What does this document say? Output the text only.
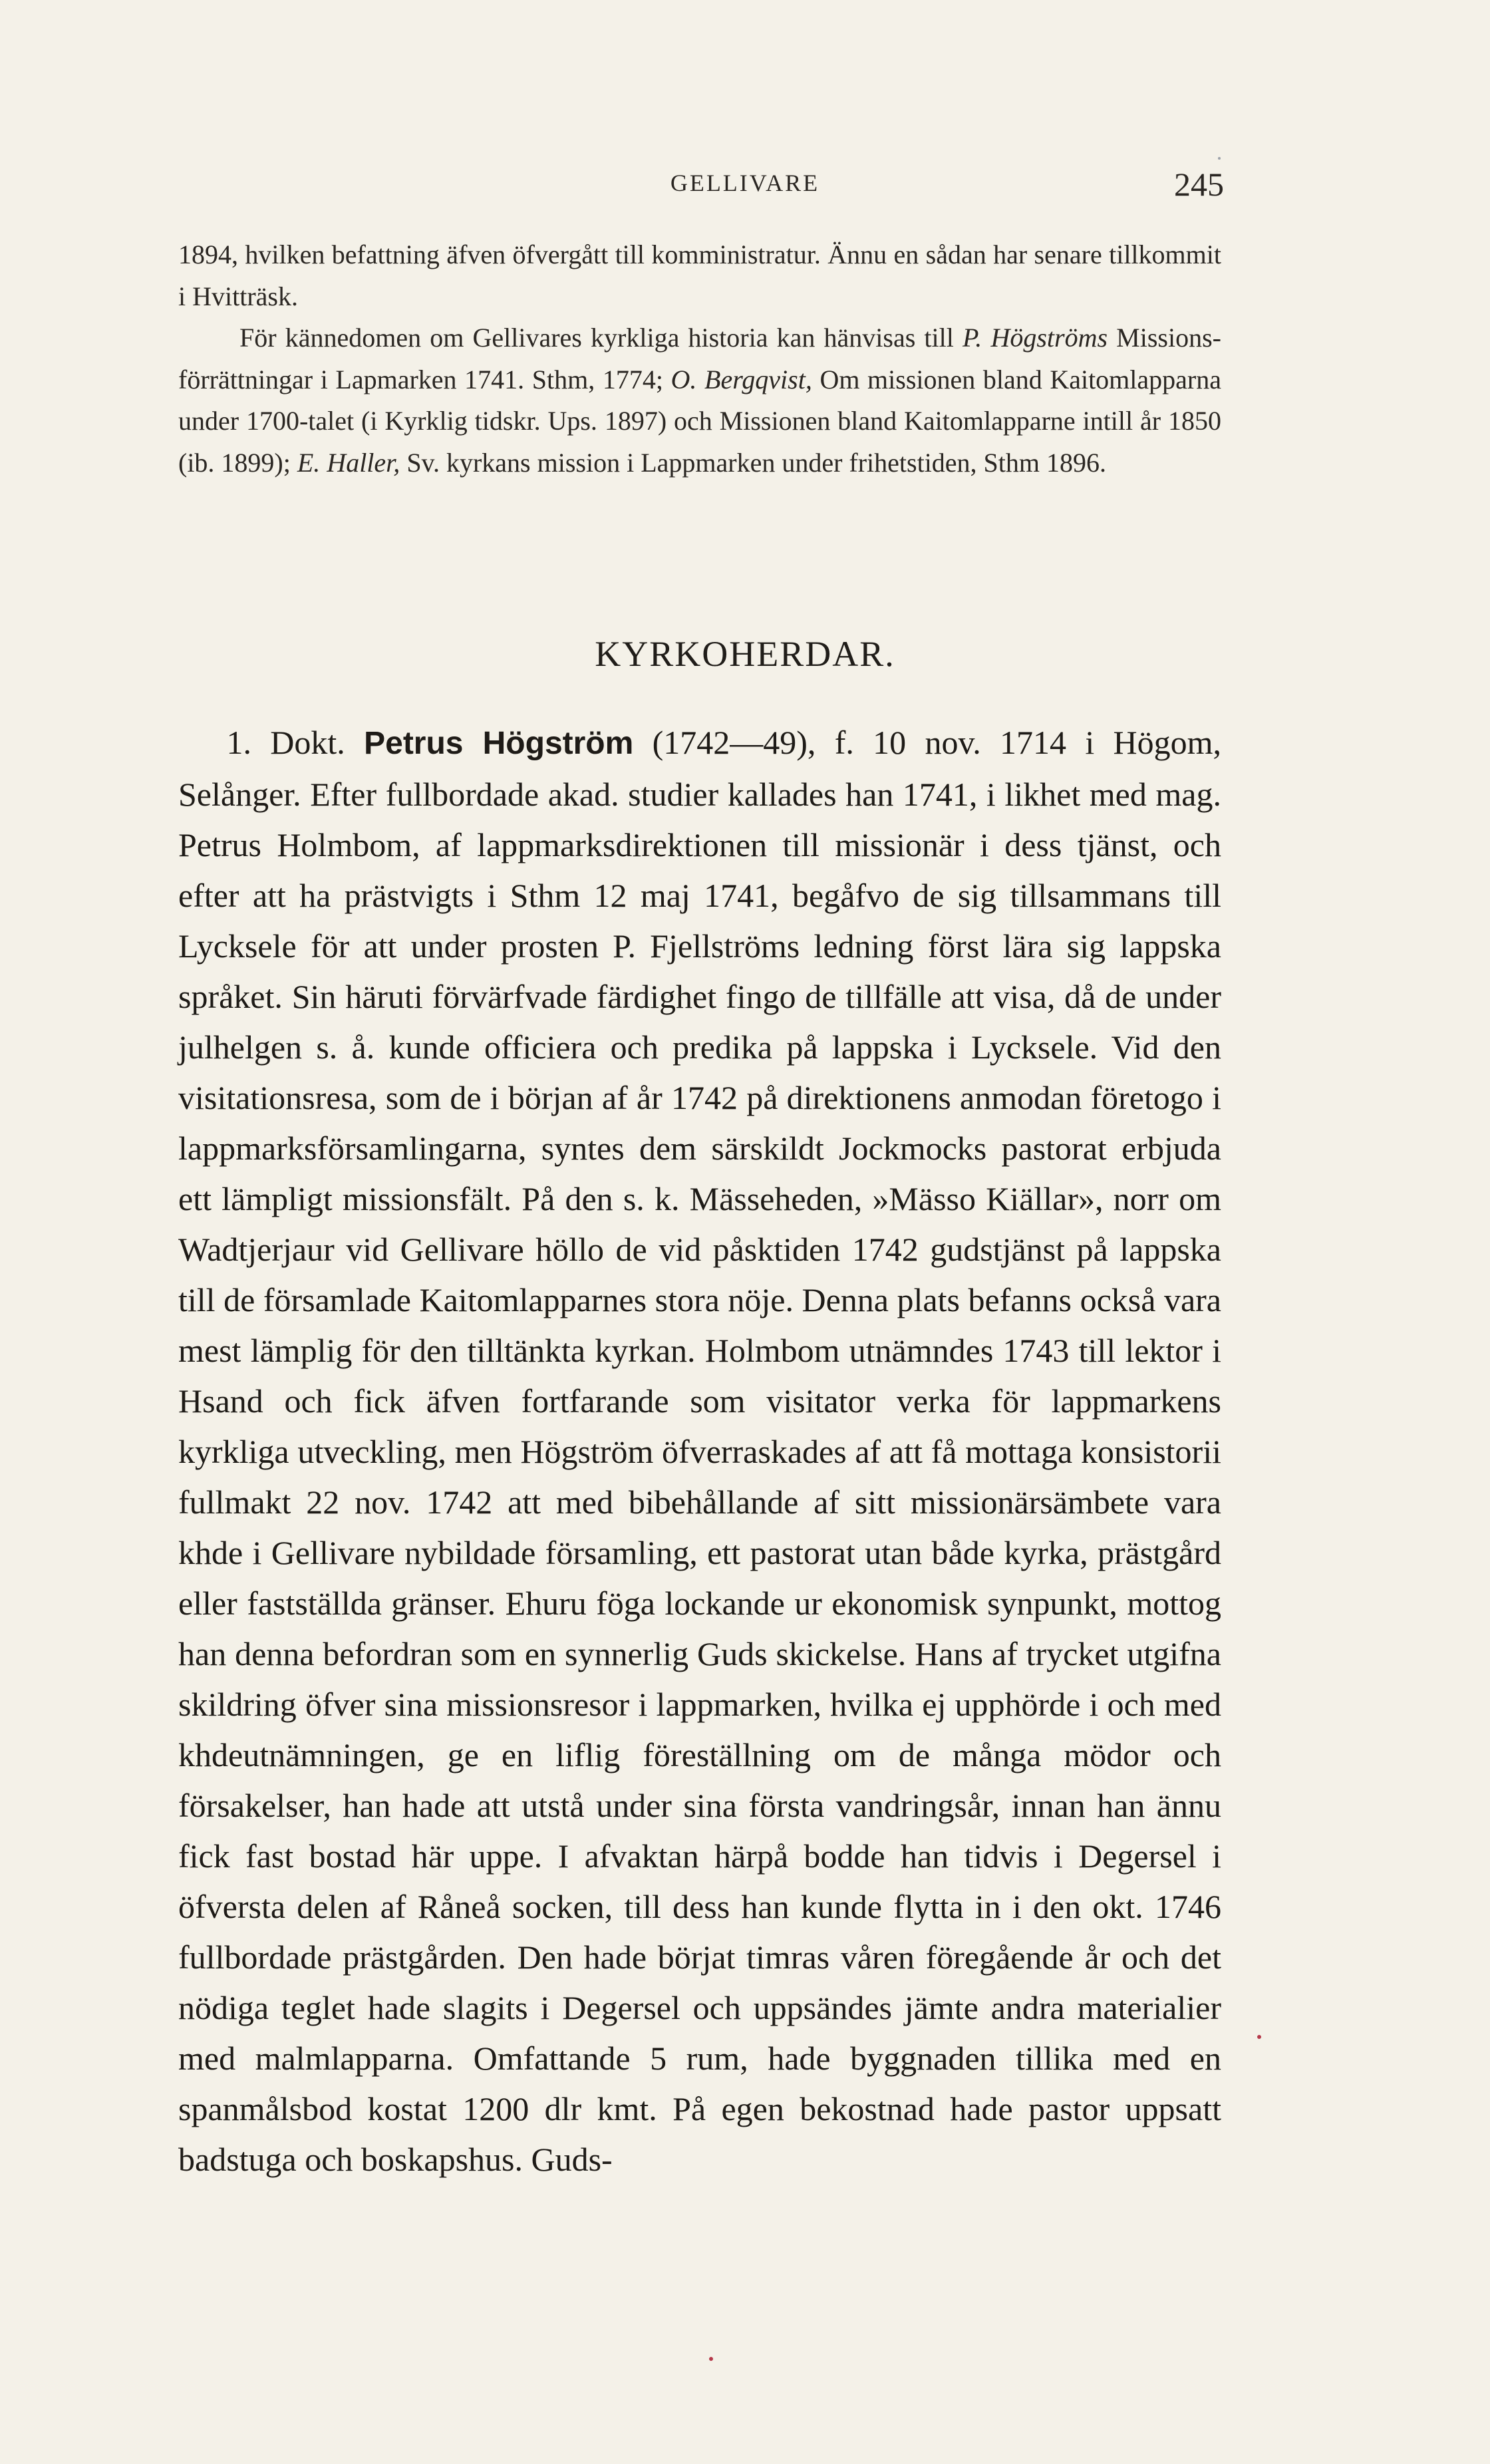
GELLIVARE	245

1894, hvilken befattning äfven öfvergått till komministratur. Ännu en sådan har senare tillkommit i Hvitträsk.

För kännedomen om Gellivares kyrkliga historia kan hänvisas till P. Högströms Missions-förrättningar i Lapmarken 1741. Sthm, 1774; O. Bergqvist, Om missionen bland Kaitomlapparna under 1700-talet (i Kyrklig tidskr. Ups. 1897) och Missionen bland Kaitomlapparne intill år 1850 (ib. 1899); E. Haller, Sv. kyrkans mission i Lappmarken under frihetstiden, Sthm 1896.

KYRKOHERDAR.

1. Dokt. Petrus Högström (1742—49), f. 10 nov. 1714 i Högom, Selånger. Efter fullbordade akad. studier kallades han 1741, i likhet med mag. Petrus Holmbom, af lappmarksdirektionen till missionär i dess tjänst, och efter att ha prästvigts i Sthm 12 maj 1741, begåfvo de sig tillsammans till Lycksele för att under prosten P. Fjellströms ledning först lära sig lappska språket. Sin häruti förvärfvade färdighet fingo de tillfälle att visa, då de under julhelgen s. å. kunde officiera och predika på lappska i Lycksele. Vid den visitationsresa, som de i början af år 1742 på direktionens anmodan företogo i lappmarksförsamlingarna, syntes dem särskildt Jockmocks pastorat erbjuda ett lämpligt missionsfält. På den s. k. Mässeheden, »Mässo Kiällar», norr om Wadtjerjaur vid Gellivare höllo de vid påsktiden 1742 gudstjänst på lappska till de församlade Kaitomlapparnes stora nöje. Denna plats befanns också vara mest lämplig för den tilltänkta kyrkan. Holmbom utnämndes 1743 till lektor i Hsand och fick äfven fortfarande som visitator verka för lappmarkens kyrkliga utveckling, men Högström öfverraskades af att få mottaga konsistorii fullmakt 22 nov. 1742 att med bibehållande af sitt missionärsämbete vara khde i Gellivare nybildade församling, ett pastorat utan både kyrka, prästgård eller fastställda gränser. Ehuru föga lockande ur ekonomisk synpunkt, mottog han denna befordran som en synnerlig Guds skickelse. Hans af trycket utgifna skildring öfver sina missionsresor i lappmarken, hvilka ej upphörde i och med khdeutnämningen, ge en liflig föreställning om de många mödor och försakelser, han hade att utstå under sina första vandringsår, innan han ännu fick fast bostad här uppe. I afvaktan härpå bodde han tidvis i Degersel i öfversta delen af Råneå socken, till dess han kunde flytta in i den okt. 1746 fullbordade prästgården. Den hade börjat timras våren föregående år och det nödiga teglet hade slagits i Degersel och uppsändes jämte andra materialier med malmlapparna. Omfattande 5 rum, hade byggnaden tillika med en spanmålsbod kostat 1200 dlr kmt. På egen bekostnad hade pastor uppsatt badstuga och boskapshus. Guds-
